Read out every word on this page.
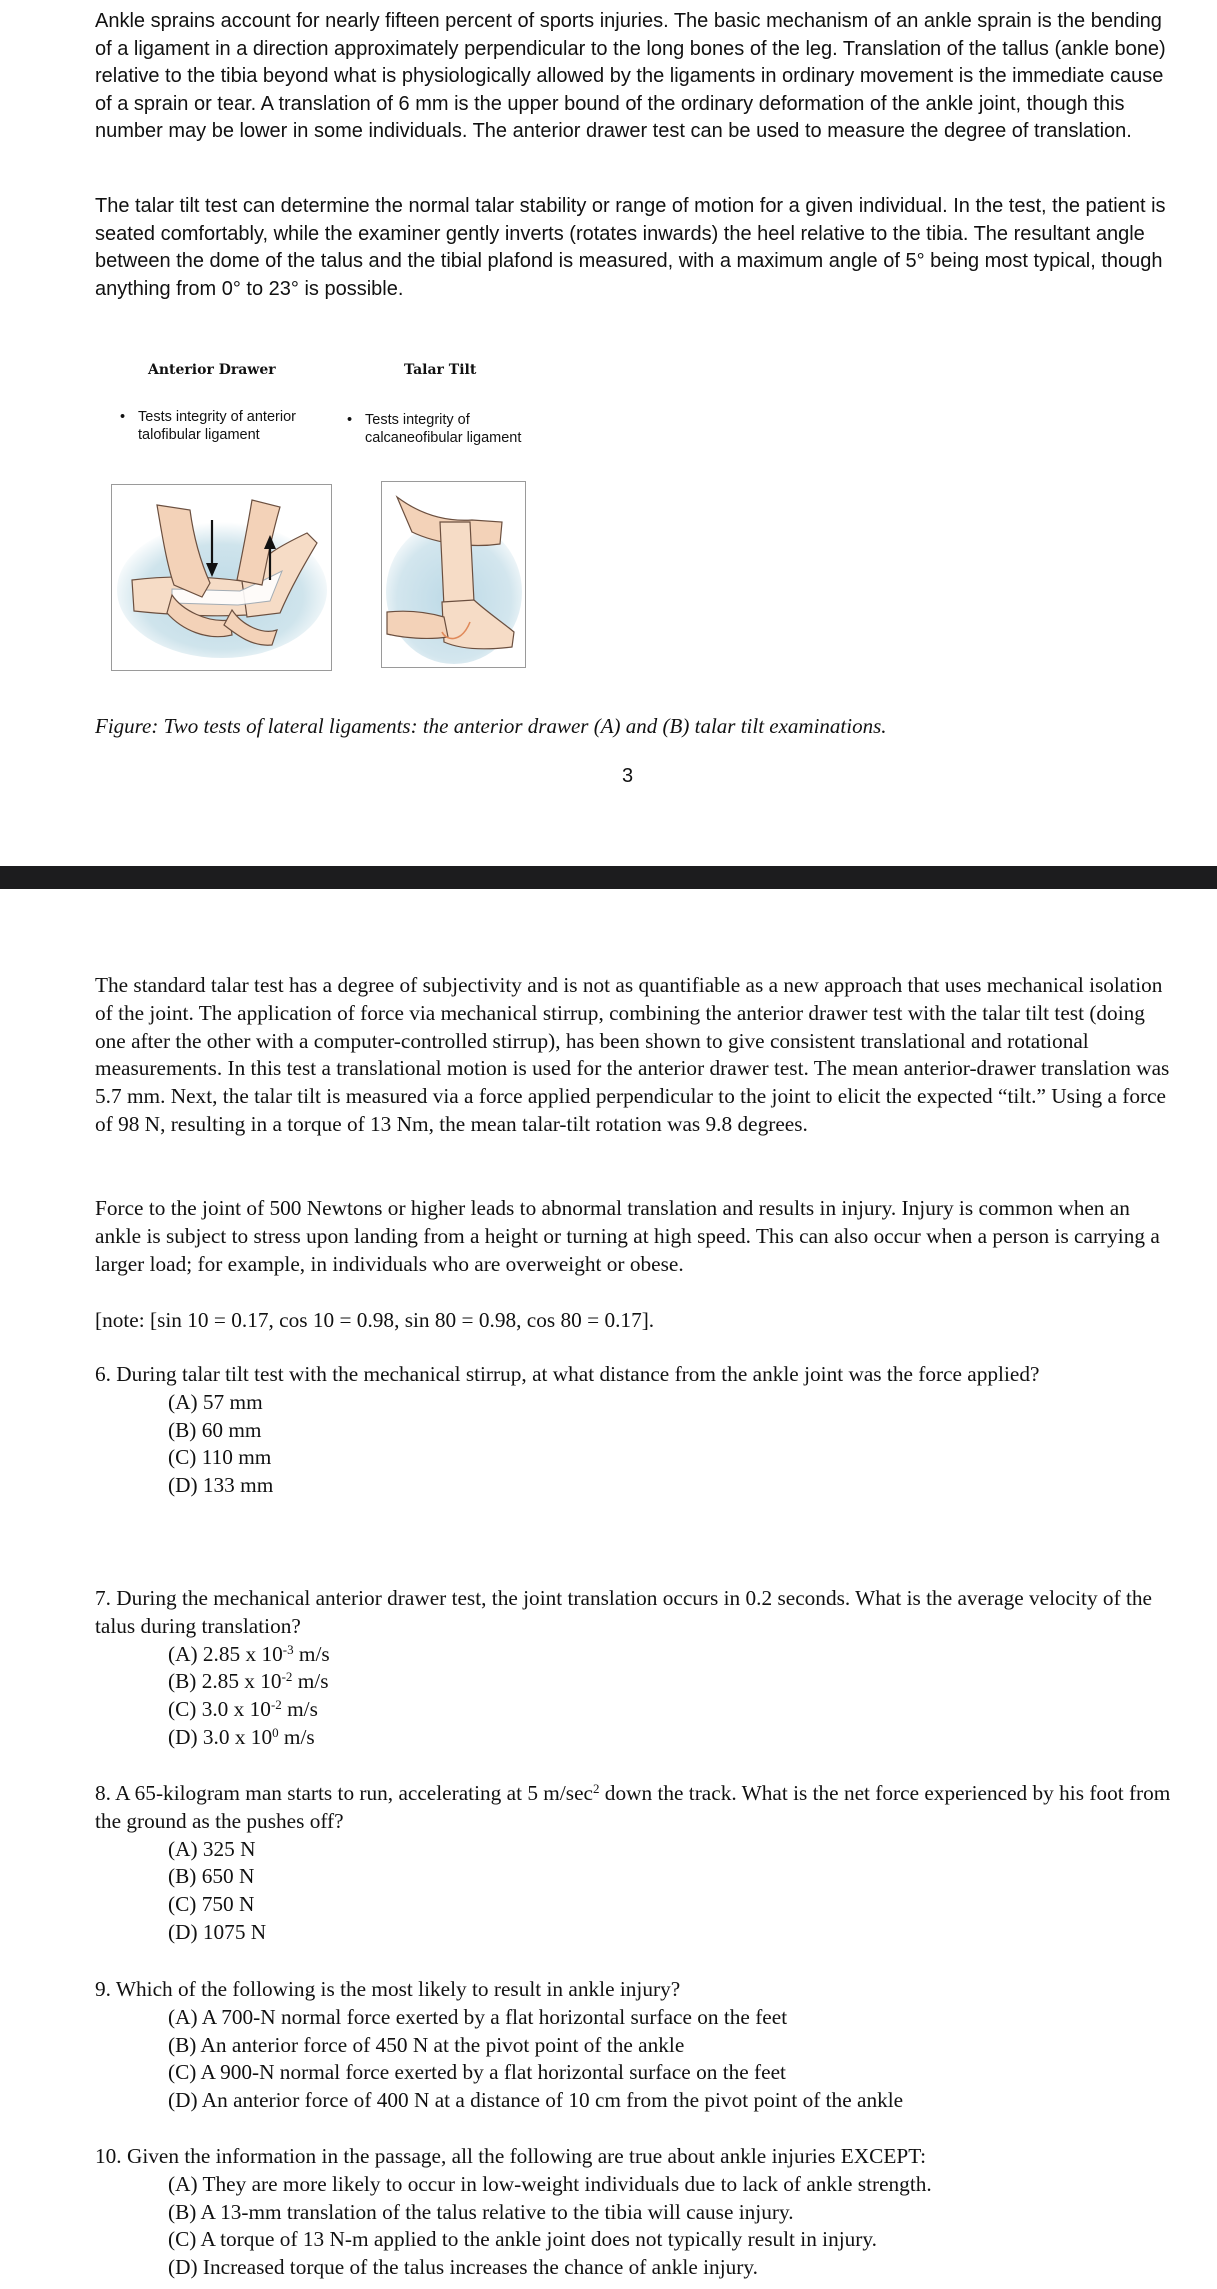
Ankle sprains account for nearly fifteen percent of sports injuries. The basic mechanism of an ankle sprain is the bending of a ligament in a direction approximately perpendicular to the long bones of the leg. Translation of the tallus (ankle bone) relative to the tibia beyond what is physiologically allowed by the ligaments in ordinary movement is the immediate cause of a sprain or tear. A translation of 6 mm is the upper bound of the ordinary deformation of the ankle joint, though this number may be lower in some individuals. The anterior drawer test can be used to measure the degree of translation.

The talar tilt test can determine the normal talar stability or range of motion for a given individual. In the test, the patient is seated comfortably, while the examiner gently inverts (rotates inwards) the heel relative to the tibia. The resultant angle between the dome of the talus and the tibial plafond is measured, with a maximum angle of 5° being most typical, though anything from 0° to 23° is possible.

Anterior Drawer	Talar Tilt
• Tests integrity of anterior
talofibular ligament
• Tests integrity of
calcaneofibular ligament
Figure: Two tests of lateral ligaments: the anterior drawer (A) and (B) talar tilt examinations.
3

The standard talar test has a degree of subjectivity and is not as quantifiable as a new approach that uses mechanical isolation of the joint. The application of force via mechanical stirrup, combining the anterior drawer test with the talar tilt test (doing one after the other with a computer-controlled stirrup), has been shown to give consistent translational and rotational measurements. In this test a translational motion is used for the anterior drawer test. The mean anterior-drawer translation was 5.7 mm. Next, the talar tilt is measured via a force applied perpendicular to the joint to elicit the expected “tilt.” Using a force of 98 N, resulting in a torque of 13 Nm, the mean talar-tilt rotation was 9.8 degrees.

Force to the joint of 500 Newtons or higher leads to abnormal translation and results in injury. Injury is common when an ankle is subject to stress upon landing from a height or turning at high speed. This can also occur when a person is carrying a larger load; for example, in individuals who are overweight or obese.

[note: [sin 10 = 0.17, cos 10 = 0.98, sin 80 = 0.98, cos 80 = 0.17].

6. During talar tilt test with the mechanical stirrup, at what distance from the ankle joint was the force applied?

(A) 57 mm
(B) 60 mm
(C) 110 mm
(D) 133 mm

7. During the mechanical anterior drawer test, the joint translation occurs in 0.2 seconds. What is the average velocity of the talus during translation?

(A) 2.85 x $10^{-3}$ m/s
(B) 2.85 x $10^{-2}$ m/s
(C) 3.0 x $10^{-2}$ m/s
(D) 3.0 x $10^0$ m/s

8. A 65-kilogram man starts to run, accelerating at 5 $m/\sec^2$ down the track. What is the net force experienced by his foot from the ground as the pushes off?

(A) 325 N
(B) 650 N
(C) 750 N
(D) 1075 N

9. Which of the following is the most likely to result in ankle injury?

(A) A 700-N normal force exerted by a flat horizontal surface on the feet
(B) An anterior force of 450 N at the pivot point of the ankle
(C) A 900-N normal force exerted by a flat horizontal surface on the feet
(D) An anterior force of 400 N at a distance of 10 cm from the pivot point of the ankle

10. Given the information in the passage, all the following are true about ankle injuries EXCEPT:

(A) They are more likely to occur in low-weight individuals due to lack of ankle strength.
(B) A 13-mm translation of the talus relative to the tibia will cause injury.
(C) A torque of 13 N-m applied to the ankle joint does not typically result in injury.
(D) Increased torque of the talus increases the chance of ankle injury.
